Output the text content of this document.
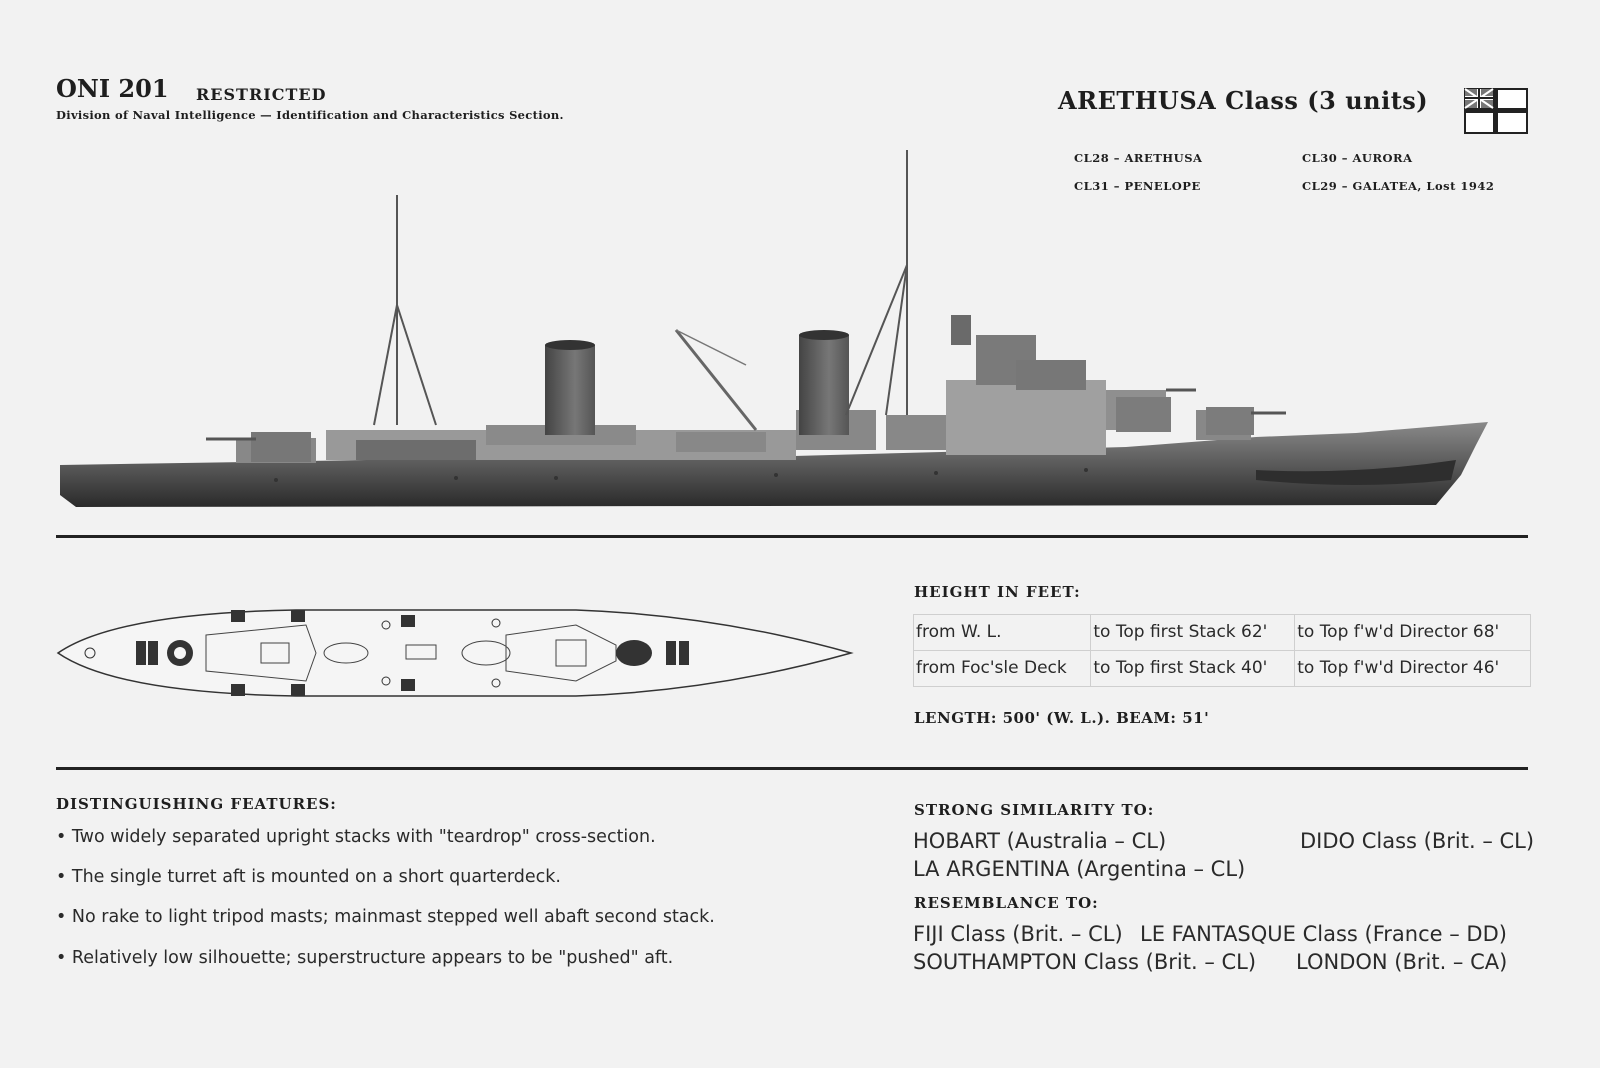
ONI 201 RESTRICTED
Division of Naval Intelligence — Identification and Characteristics Section.	ARETHUSA Class (3 units)
CL28 – ARETHUSA	CL30 – AURORA
CL31 – PENELOPE	CL29 – GALATEA, Lost 1942
HEIGHT IN FEET:
from W. L.	to Top first Stack 62'	to Top f'w'd Director 68'
from Foc'sle Deck	to Top first Stack 40'	to Top f'w'd Director 46'
LENGTH: 500' (W. L.). BEAM: 51'
DISTINGUISHING FEATURES:
• Two widely separated upright stacks with "teardrop" cross-section.
• The single turret aft is mounted on a short quarterdeck.
• No rake to light tripod masts; mainmast stepped well abaft second stack.
• Relatively low silhouette; superstructure appears to be "pushed" aft.
STRONG SIMILARITY TO:
HOBART (Australia – CL)	DIDO Class (Brit. – CL)
LA ARGENTINA (Argentina – CL)
RESEMBLANCE TO:
FIJI Class (Brit. – CL) LE FANTASQUE Class (France – DD)
SOUTHAMPTON Class (Brit. – CL) LONDON (Brit. – CA)
